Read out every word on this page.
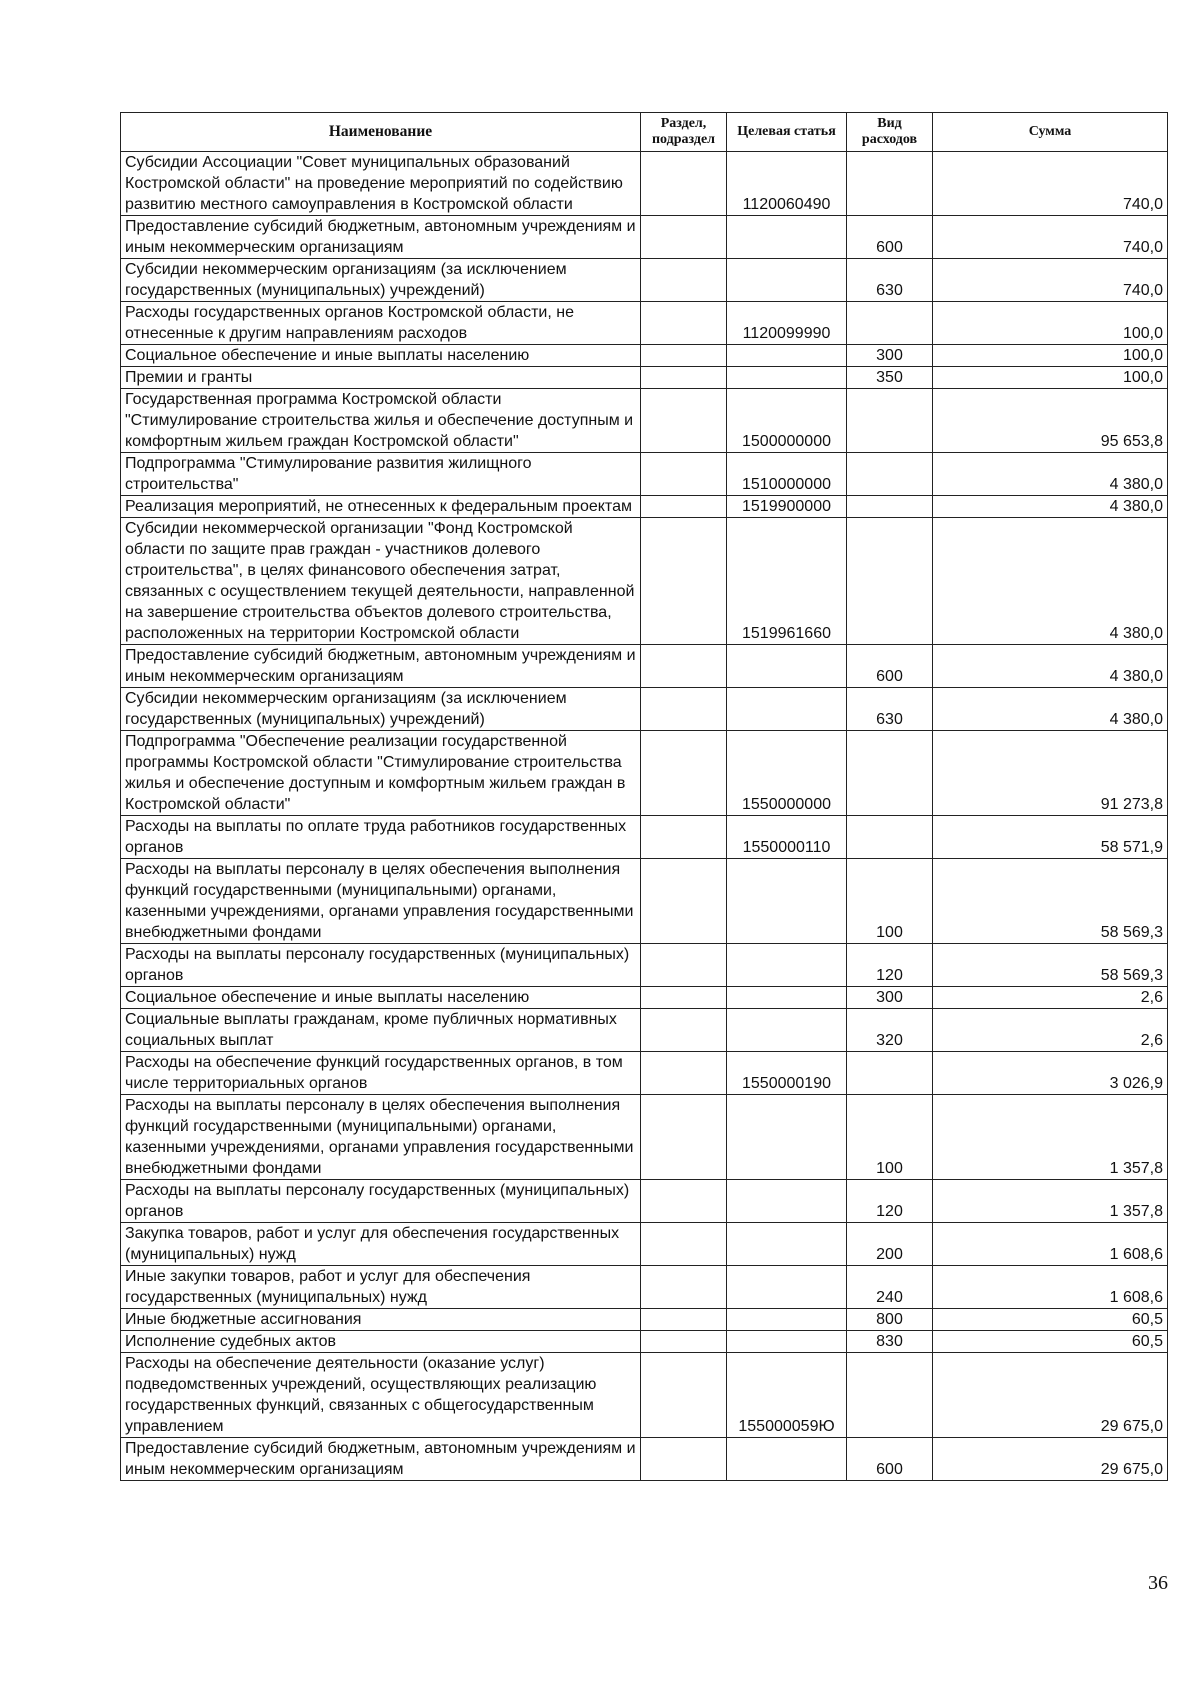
Наименование	Раздел, подраздел	Целевая статья	Вид расходов	Сумма
Субсидии Ассоциации "Совет муниципальных образований Костромской области" на проведение мероприятий по содействию развитию местного самоуправления в Костромской области		1120060490		740,0
Предоставление субсидий бюджетным, автономным учреждениям и иным некоммерческим организациям			600	740,0
Субсидии некоммерческим организациям (за исключением государственных (муниципальных) учреждений)			630	740,0
Расходы государственных органов Костромской области, не отнесенные к другим направлениям расходов		1120099990		100,0
Социальное обеспечение и иные выплаты населению			300	100,0
Премии и гранты			350	100,0
Государственная программа Костромской области "Стимулирование строительства жилья и обеспечение доступным и комфортным жильем граждан Костромской области"		1500000000		95 653,8
Подпрограмма "Стимулирование развития жилищного строительства"		1510000000		4 380,0
Реализация мероприятий, не отнесенных к федеральным проектам		1519900000		4 380,0
Субсидии некоммерческой организации "Фонд Костромской области по защите прав граждан - участников долевого строительства", в целях финансового обеспечения затрат, связанных с осуществлением текущей деятельности, направленной на завершение строительства объектов долевого строительства, расположенных на территории Костромской области		1519961660		4 380,0
Предоставление субсидий бюджетным, автономным учреждениям и иным некоммерческим организациям			600	4 380,0
Субсидии некоммерческим организациям (за исключением государственных (муниципальных) учреждений)			630	4 380,0
Подпрограмма "Обеспечение реализации государственной программы Костромской области "Стимулирование строительства жилья и обеспечение доступным и комфортным жильем граждан в Костромской области"		1550000000		91 273,8
Расходы на выплаты по оплате труда работников государственных органов		1550000110		58 571,9
Расходы на выплаты персоналу в целях обеспечения выполнения функций государственными (муниципальными) органами, казенными учреждениями, органами управления государственными внебюджетными фондами			100	58 569,3
Расходы на выплаты персоналу государственных (муниципальных) органов			120	58 569,3
Социальное обеспечение и иные выплаты населению			300	2,6
Социальные выплаты гражданам, кроме публичных нормативных социальных выплат			320	2,6
Расходы на обеспечение функций государственных органов, в том числе территориальных органов		1550000190		3 026,9
Расходы на выплаты персоналу в целях обеспечения выполнения функций государственными (муниципальными) органами, казенными учреждениями, органами управления государственными внебюджетными фондами			100	1 357,8
Расходы на выплаты персоналу государственных (муниципальных) органов			120	1 357,8
Закупка товаров, работ и услуг для обеспечения государственных (муниципальных) нужд			200	1 608,6
Иные закупки товаров, работ и услуг для обеспечения государственных (муниципальных) нужд			240	1 608,6
Иные бюджетные ассигнования			800	60,5
Исполнение судебных актов			830	60,5
Расходы на обеспечение деятельности (оказание услуг) подведомственных учреждений, осуществляющих реализацию государственных функций, связанных с общегосударственным управлением		155000059Ю		29 675,0
Предоставление субсидий бюджетным, автономным учреждениям и иным некоммерческим организациям			600	29 675,0
36
